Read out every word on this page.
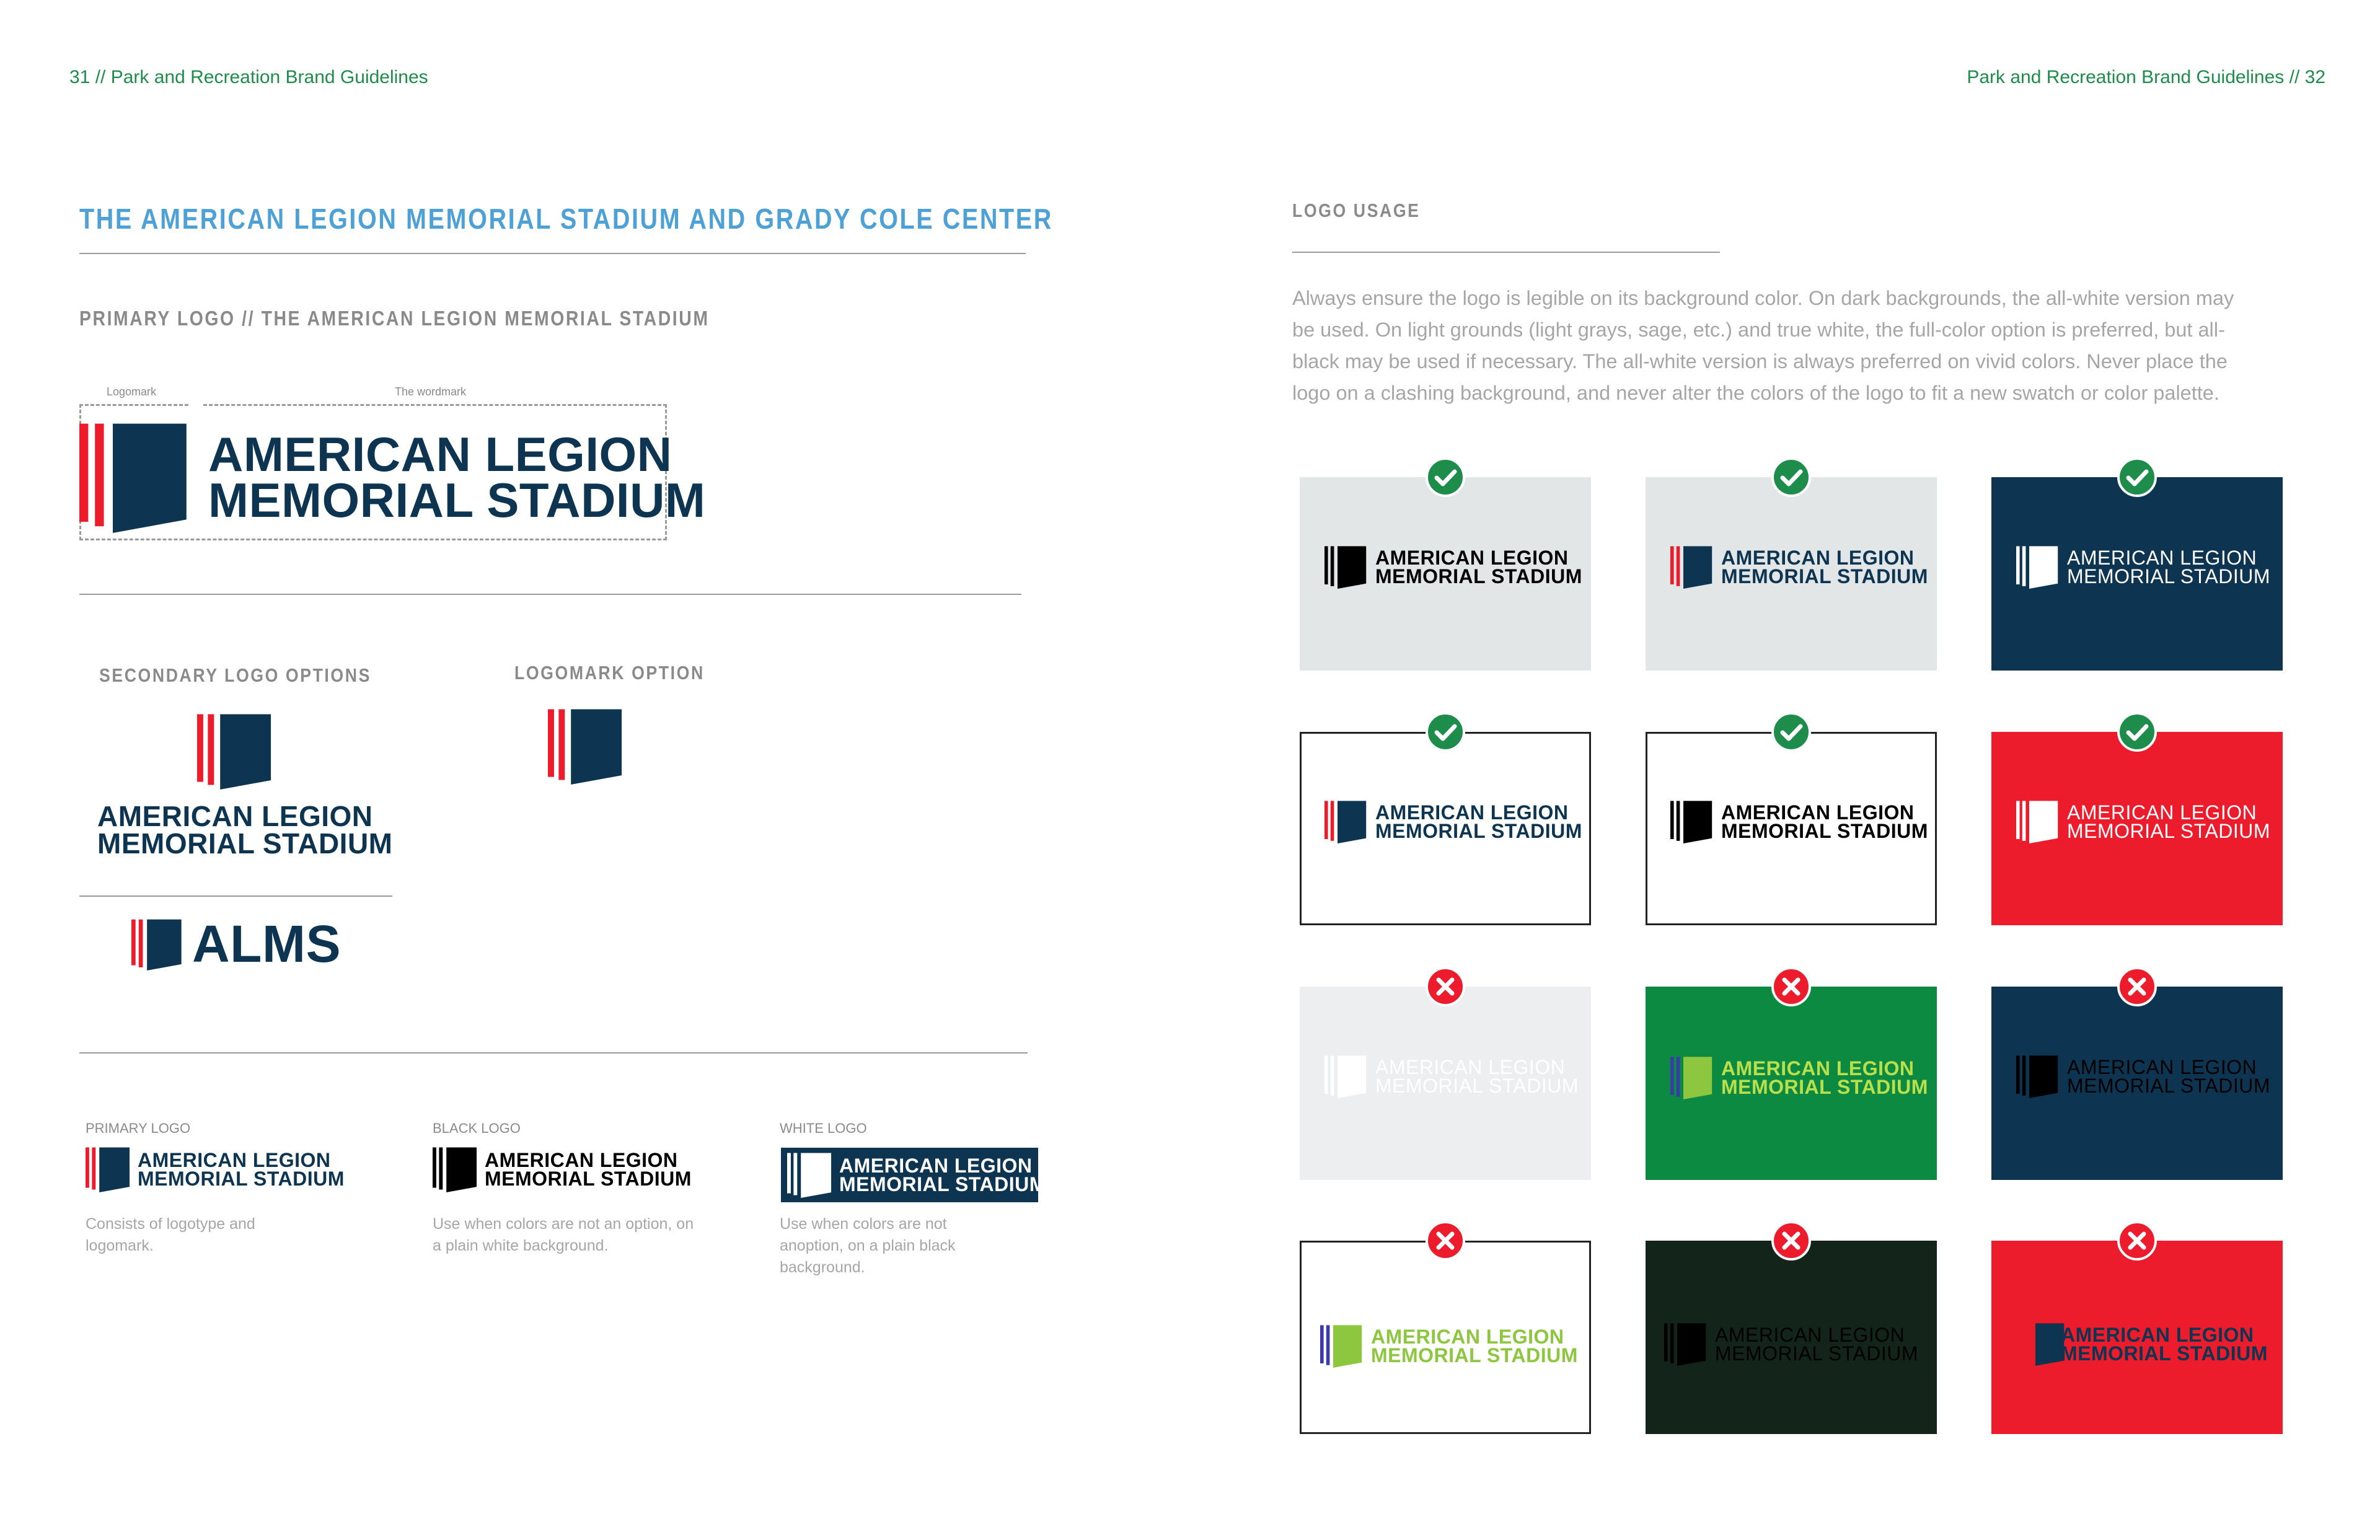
31 // Park and Recreation Brand Guidelines
THE AMERICAN LEGION MEMORIAL STADIUM AND GRADY COLE CENTER
PRIMARY LOGO // THE AMERICAN LEGION MEMORIAL STADIUM
Logomark	The wordmark
AMERICAN LEGION
MEMORIAL STADIUM
SECONDARY LOGO OPTIONS	LOGOMARK OPTION
AMERICAN LEGION
MEMORIAL STADIUM
ALMS
PRIMARY LOGO
AMERICAN LEGION
MEMORIAL STADIUM
Consists of logotype and logomark.
BLACK LOGO
AMERICAN LEGION
MEMORIAL STADIUM
Use when colors are not an option, on a plain white background.
WHITE LOGO
AMERICAN LEGION
MEMORIAL STADIUM
Use when colors are not anoption, on a plain black background.
Park and Recreation Brand Guidelines // 32
LOGO USAGE
Always ensure the logo is legible on its background color. On dark backgrounds, the all-white version may be used. On light grounds (light grays, sage, etc.) and true white, the full-color option is preferred, but all-black may be used if necessary. The all-white version is always preferred on vivid colors. Never place the logo on a clashing background, and never alter the colors of the logo to fit a new swatch or color palette.
AMERICAN LEGION
MEMORIAL STADIUM
AMERICAN LEGION
MEMORIAL STADIUM
AMERICAN LEGION
MEMORIAL STADIUM
AMERICAN LEGION
MEMORIAL STADIUM
AMERICAN LEGION
MEMORIAL STADIUM
AMERICAN LEGION
MEMORIAL STADIUM
AMERICAN LEGION
MEMORIAL STADIUM
AMERICAN LEGION
MEMORIAL STADIUM
AMERICAN LEGION
MEMORIAL STADIUM
AMERICAN LEGION
MEMORIAL STADIUM
AMERICAN LEGION
MEMORIAL STADIUM
AMERICAN LEGION
MEMORIAL STADIUM
